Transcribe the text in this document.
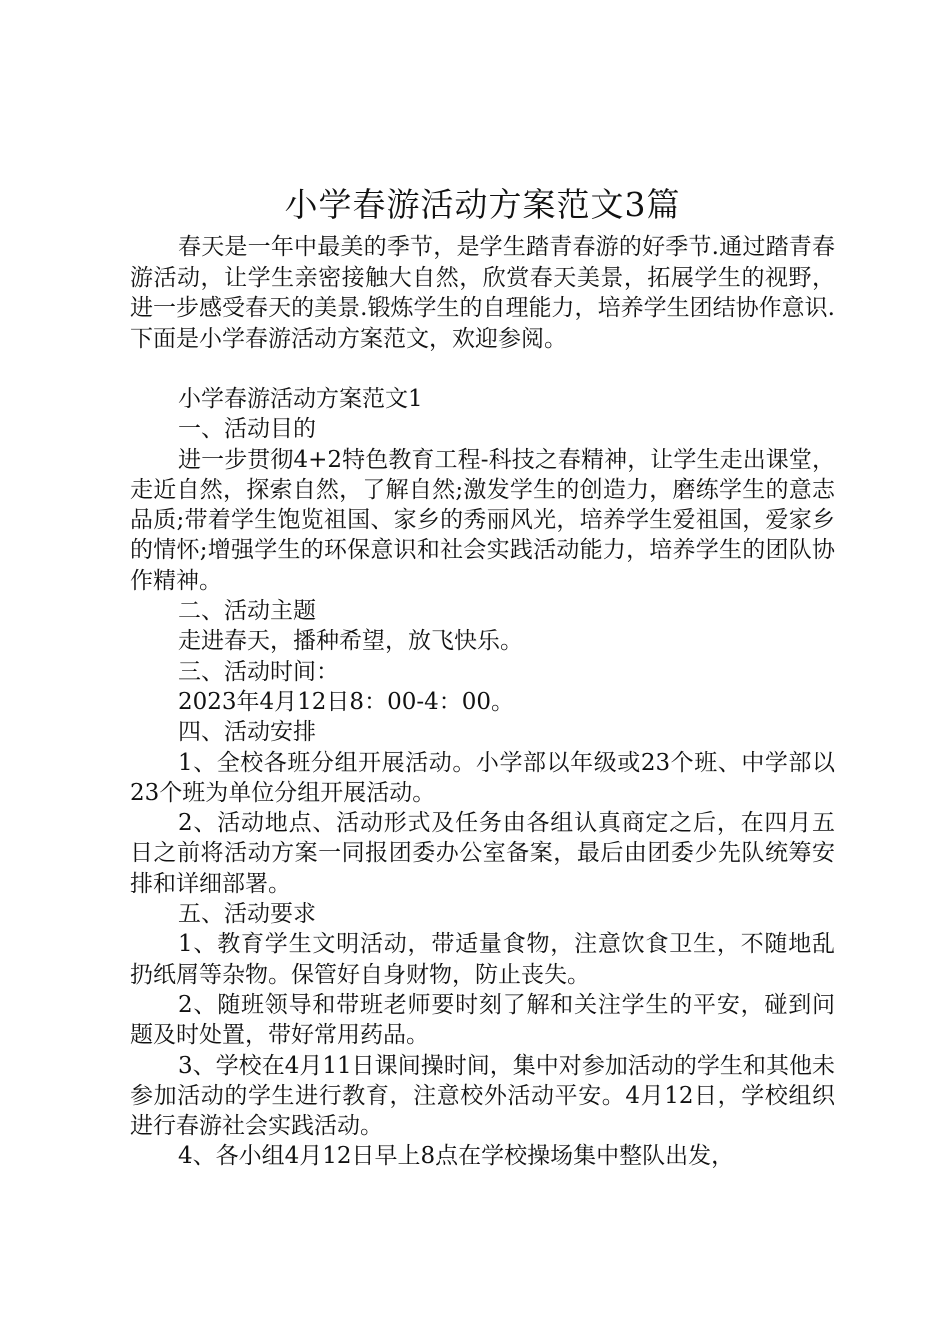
小学春游活动方案范文3篇

春天是一年中最美的季节，是学生踏青春游的好季节.通过踏青春游活动，让学生亲密接触大自然，欣赏春天美景，拓展学生的视野，进一步感受春天的美景.锻炼学生的自理能力，培养学生团结协作意识.下面是小学春游活动方案范文，欢迎参阅。

小学春游活动方案范文1

一、活动目的

进一步贯彻4+2特色教育工程-科技之春精神，让学生走出课堂，走近自然，探索自然，了解自然;激发学生的创造力，磨练学生的意志品质;带着学生饱览祖国、家乡的秀丽风光，培养学生爱祖国，爱家乡的情怀;增强学生的环保意识和社会实践活动能力，培养学生的团队协作精神。

二、活动主题

走进春天，播种希望，放飞快乐。

三、活动时间：

2023年4月12日8：00-4：00。

四、活动安排

1、全校各班分组开展活动。小学部以年级或23个班、中学部以23个班为单位分组开展活动。

2、活动地点、活动形式及任务由各组认真商定之后，在四月五日之前将活动方案一同报团委办公室备案，最后由团委少先队统筹安排和详细部署。

五、活动要求

1、教育学生文明活动，带适量食物，注意饮食卫生，不随地乱扔纸屑等杂物。保管好自身财物，防止丧失。

2、随班领导和带班老师要时刻了解和关注学生的平安，碰到问题及时处置，带好常用药品。

3、学校在4月11日课间操时间，集中对参加活动的学生和其他未参加活动的学生进行教育，注意校外活动平安。4月12日，学校组织进行春游社会实践活动。

4、各小组4月12日早上8点在学校操场集中整队出发，
